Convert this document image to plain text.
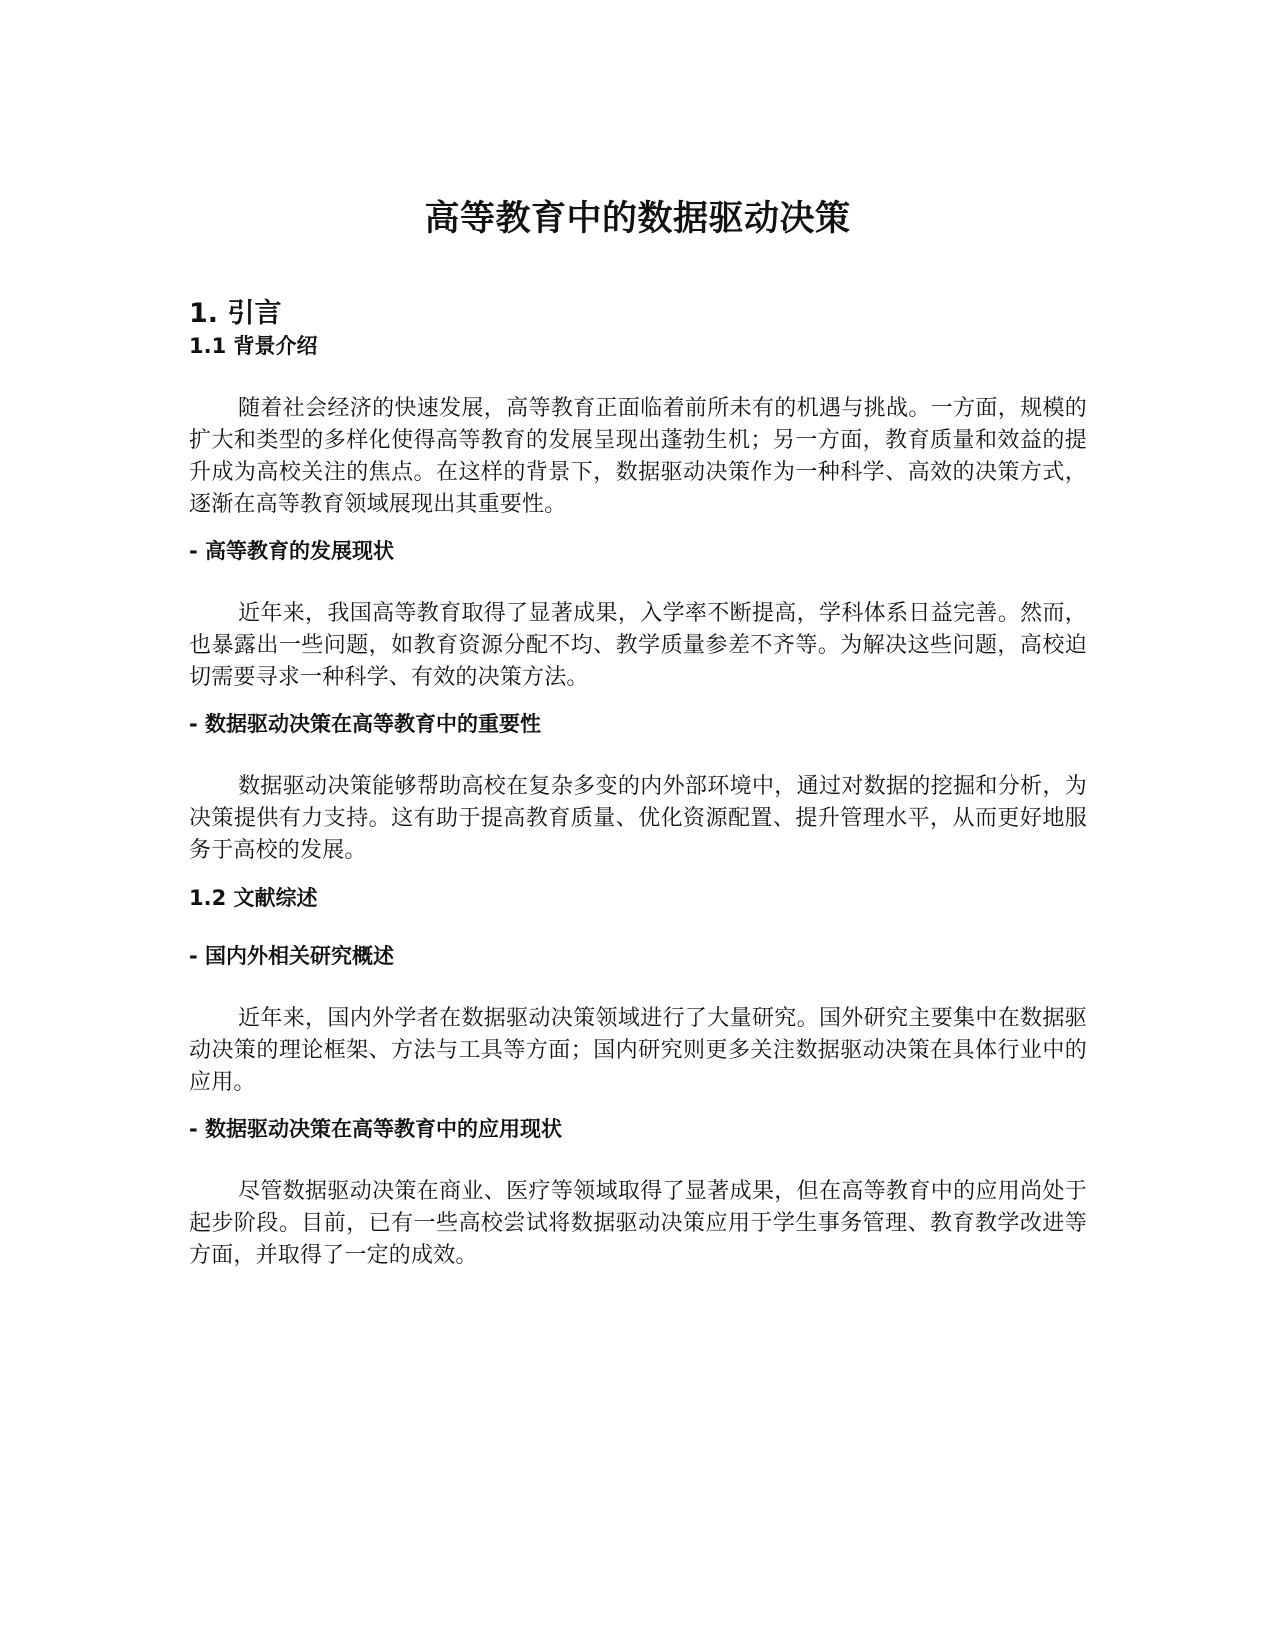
高等教育中的数据驱动决策
1. 引言
1.1 背景介绍

随着社会经济的快速发展，高等教育正面临着前所未有的机遇与挑战。一方面，规模的扩大和类型的多样化使得高等教育的发展呈现出蓬勃生机；另一方面，教育质量和效益的提升成为高校关注的焦点。在这样的背景下，数据驱动决策作为一种科学、高效的决策方式，逐渐在高等教育领域展现出其重要性。

- 高等教育的发展现状

近年来，我国高等教育取得了显著成果，入学率不断提高，学科体系日益完善。然而，也暴露出一些问题，如教育资源分配不均、教学质量参差不齐等。为解决这些问题，高校迫切需要寻求一种科学、有效的决策方法。

- 数据驱动决策在高等教育中的重要性

数据驱动决策能够帮助高校在复杂多变的内外部环境中，通过对数据的挖掘和分析，为决策提供有力支持。这有助于提高教育质量、优化资源配置、提升管理水平，从而更好地服务于高校的发展。

1.2 文献综述
- 国内外相关研究概述

近年来，国内外学者在数据驱动决策领域进行了大量研究。国外研究主要集中在数据驱动决策的理论框架、方法与工具等方面；国内研究则更多关注数据驱动决策在具体行业中的应用。

- 数据驱动决策在高等教育中的应用现状

尽管数据驱动决策在商业、医疗等领域取得了显著成果，但在高等教育中的应用尚处于起步阶段。目前，已有一些高校尝试将数据驱动决策应用于学生事务管理、教育教学改进等方面，并取得了一定的成效。
